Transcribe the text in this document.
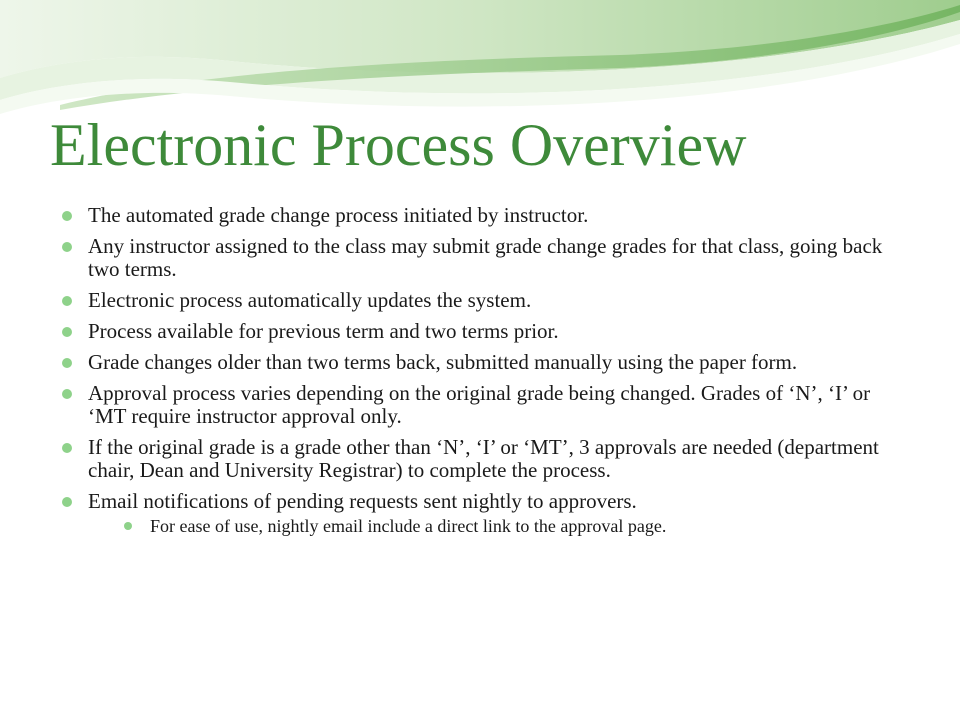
Electronic Process Overview
The automated grade change process initiated by instructor.
Any instructor assigned to the class may submit grade change grades for that class, going back two terms.
Electronic process automatically updates the system.
Process available for previous term and two terms prior.
Grade changes older than two terms back, submitted manually using the paper form.
Approval process varies depending on the original grade being changed. Grades of ‘N’, ‘I’ or ‘MT require instructor approval only.
If the original grade is a grade other than ‘N’, ‘I’ or ‘MT’, 3 approvals are needed (department chair, Dean and University Registrar) to complete the process.
Email notifications of pending requests sent nightly to approvers.
For ease of use, nightly email include a direct link to the approval page.
